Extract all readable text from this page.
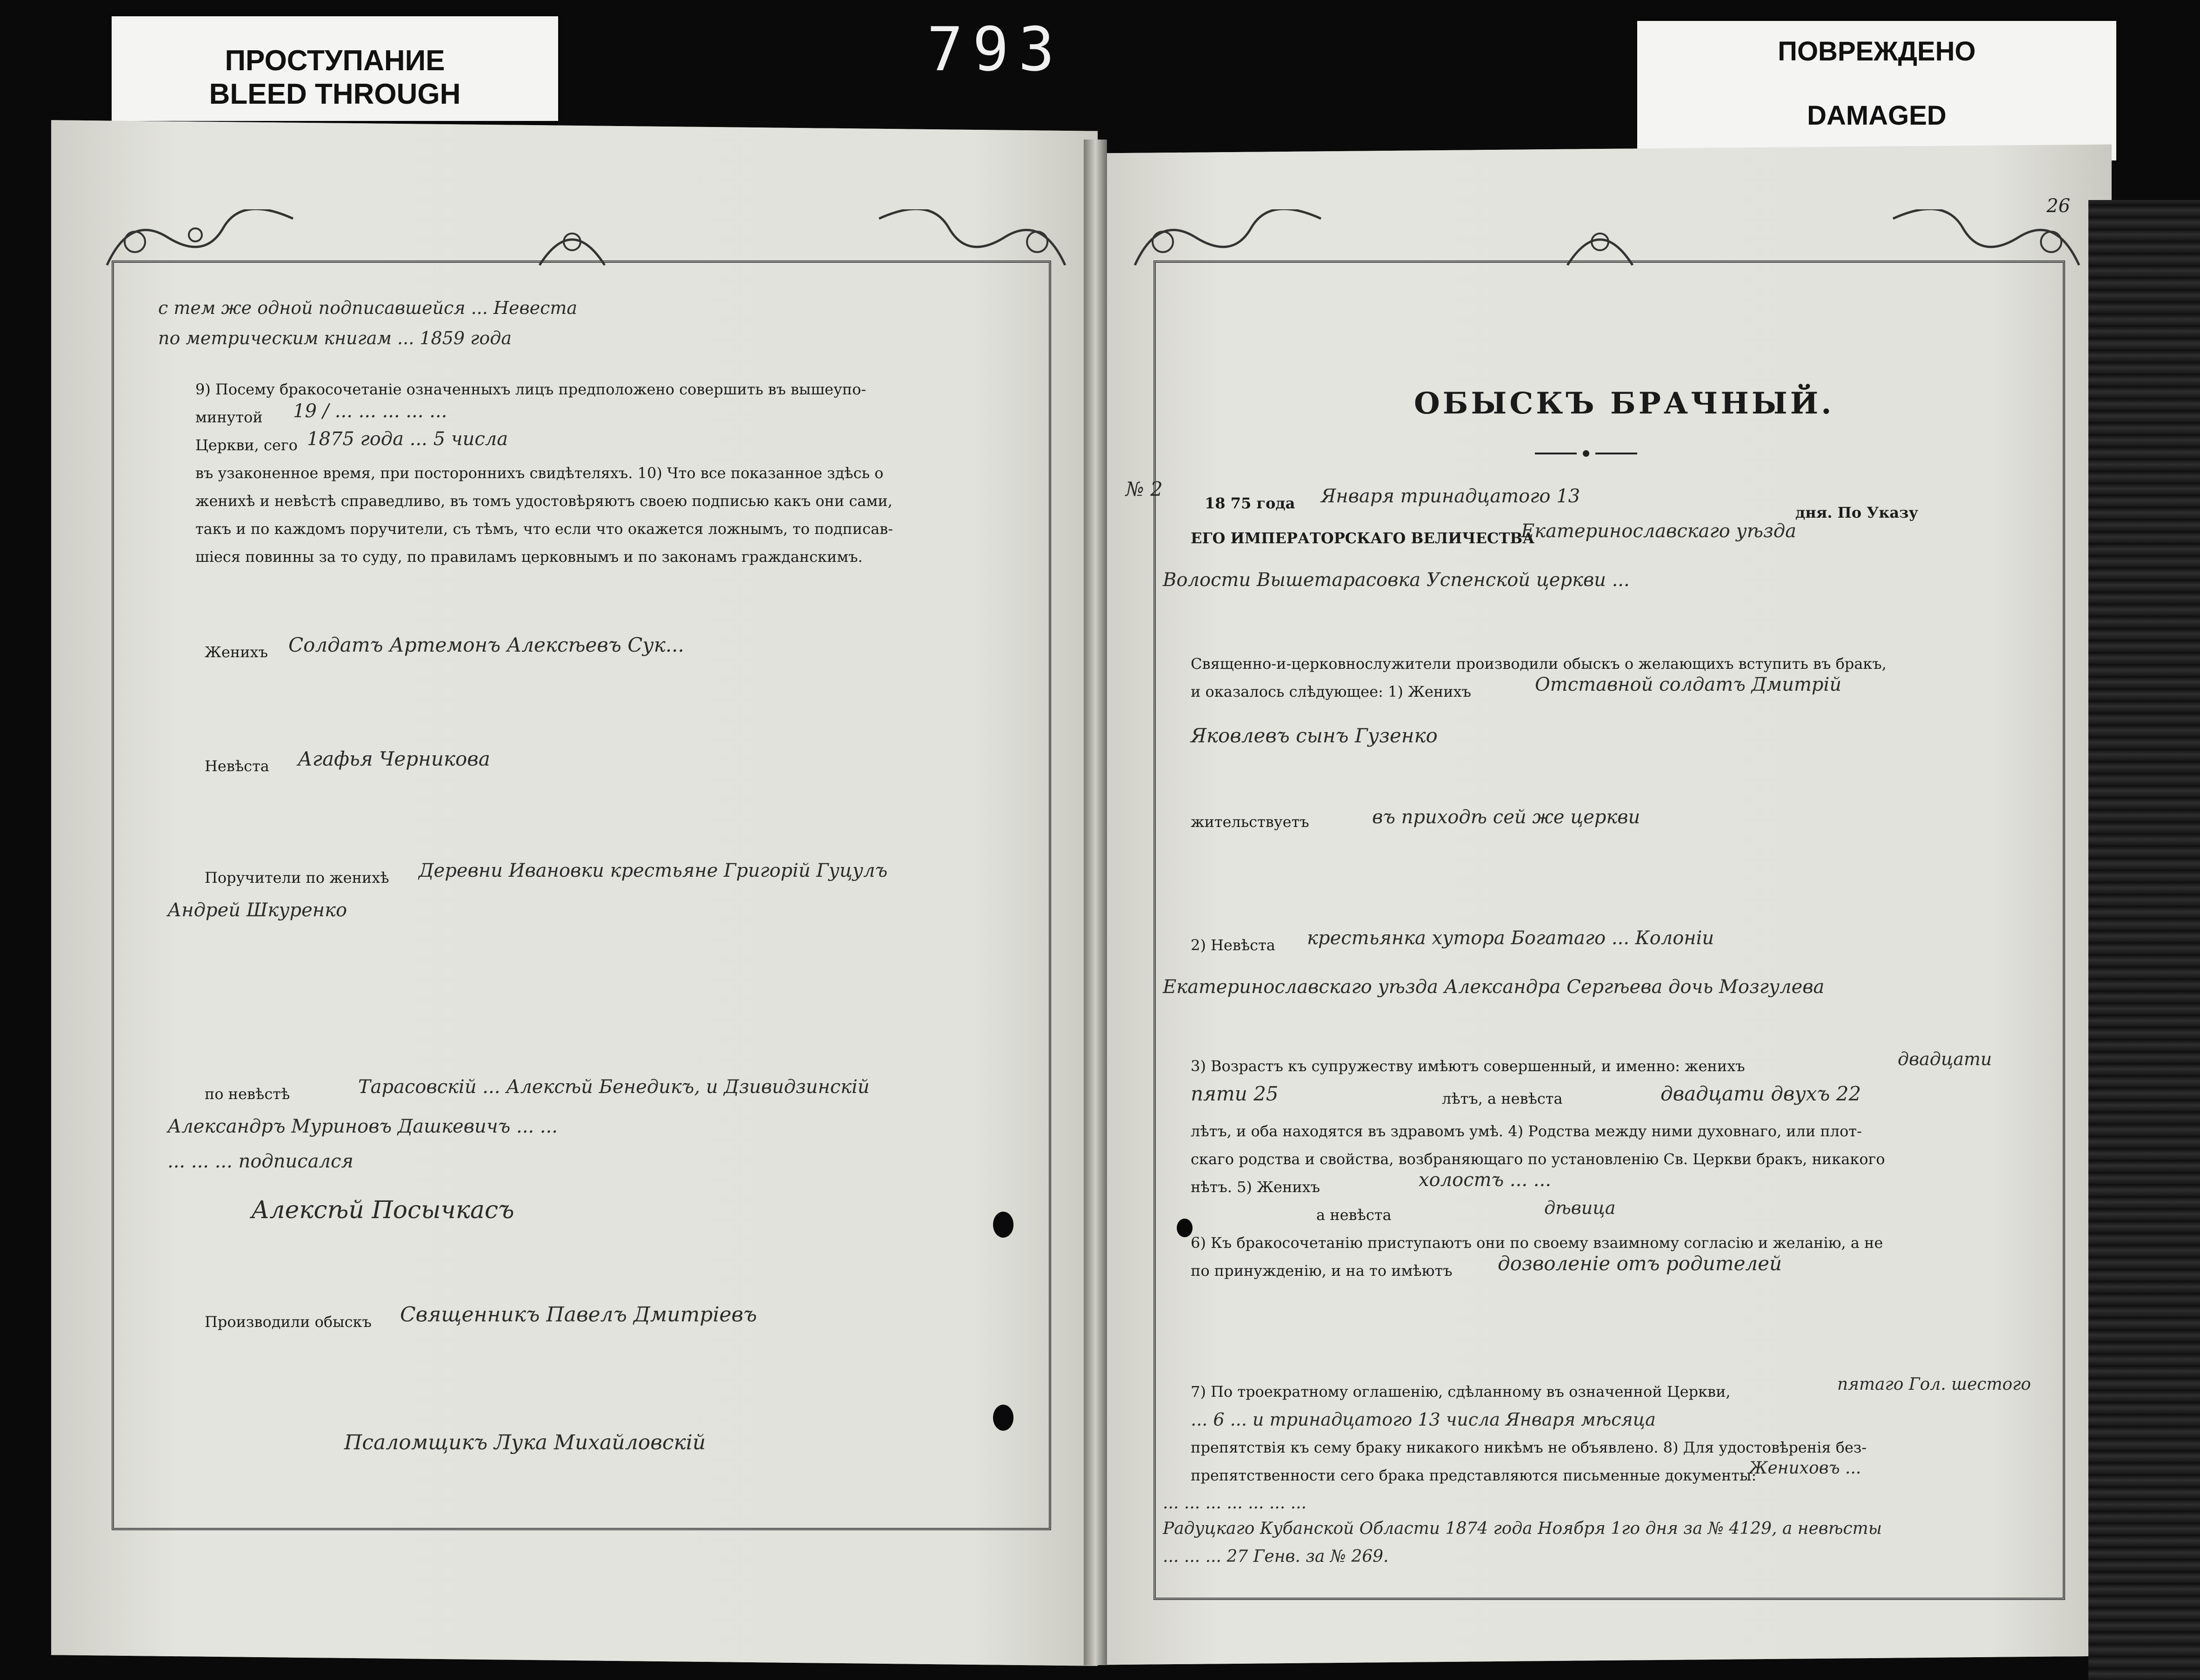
ПРОСТУПАНИЕ
BLEED THROUGH
793	ПОВРЕЖДЕНО
DAMAGED
с тем же одной подписавшейся ... Невеста
по метрическим книгам ... 1859 года
9) Посему бракосочетаніе означенныхъ лицъ предположено совершить въ вышеупо-
минутой 19 / ... ... ... ... ...
Церкви, сего 1875 года ... 5 числа
въ узаконенное время, при постороннихъ свидѣтеляхъ. 10) Что все показанное здѣсь о
женихѣ и невѣстѣ справедливо, въ томъ удостовѣряютъ своею подписью какъ они сами,
такъ и по каждомъ поручители, съ тѣмъ, что если что окажется ложнымъ, то подписав-
шіеся повинны за то суду, по правиламъ церковнымъ и по законамъ гражданскимъ.
Женихъ Солдатъ Артемонъ Алексѣевъ Сук...
Невѣста Агафья Черникова
Поручители по женихѣ Деревни Ивановки крестьяне Григорій Гуцулъ
Андрей Шкуренко
по невѣстѣ	Тарасовскій ... Алексѣй Бенедикъ, и Дзивидзинскій
Александръ Муриновъ Дашкевичъ ... ...
... ... ... подписался
Алексѣй Посычкасъ
Производили обыскъ Священникъ Павелъ Дмитріевъ
Псаломщикъ Лука Михайловскій
26
ОБЫСКЪ БРАЧНЫЙ.
№ 2
18 75 года Января тринадцатого 13
дня. По Указу
ЕГО ИМПЕРАТОРСКАГО ВЕЛИЧЕСТВА
Екатеринославскаго уѣзда
Волости Вышетарасовка Успенской церкви ...
Священно-и-церковнослужители производили обыскъ о желающихъ вступить въ бракъ,
и оказалось слѣдующее: 1) Женихъ	Отставной солдатъ Дмитрій
Яковлевъ сынъ Гузенко
жительствуетъ	въ приходѣ сей же церкви
2) Невѣста крестьянка хутора Богатаго ... Колоніи
Екатеринославскаго уѣзда Александра Сергѣева дочь Мозгулева
3) Возрастъ къ супружеству имѣютъ совершенный, и именно: женихъ	двадцати
пяти 25	лѣтъ, а невѣста	двадцати двухъ 22
лѣтъ, и оба находятся въ здравомъ умѣ. 4) Родства между ними духовнаго, или плот-
скаго родства и свойства, возбраняющаго по установленію Св. Церкви бракъ, никакого
нѣтъ. 5) Женихъ	холостъ ... ...
а невѣста	дѣвица
6) Къ бракосочетанію приступаютъ они по своему взаимному согласію и желанію, а не
по принужденію, и на то имѣютъ дозволеніе отъ родителей
7) По троекратному оглашенію, сдѣланному въ означенной Церкви,	пятаго Гол. шестого
... 6 ... и тринадцатого 13 числа Января мѣсяца
препятствія къ сему браку никакого никѣмъ не объявлено. 8) Для удостовѣренія без-
препятственности сего брака представляются письменные документы:
Жениховъ ...
... ... ... ... ... ... ...
Радуцкаго Кубанской Области 1874 года Ноября 1го дня за № 4129, а невѣсты
... ... ... 27 Генв. за № 269.
